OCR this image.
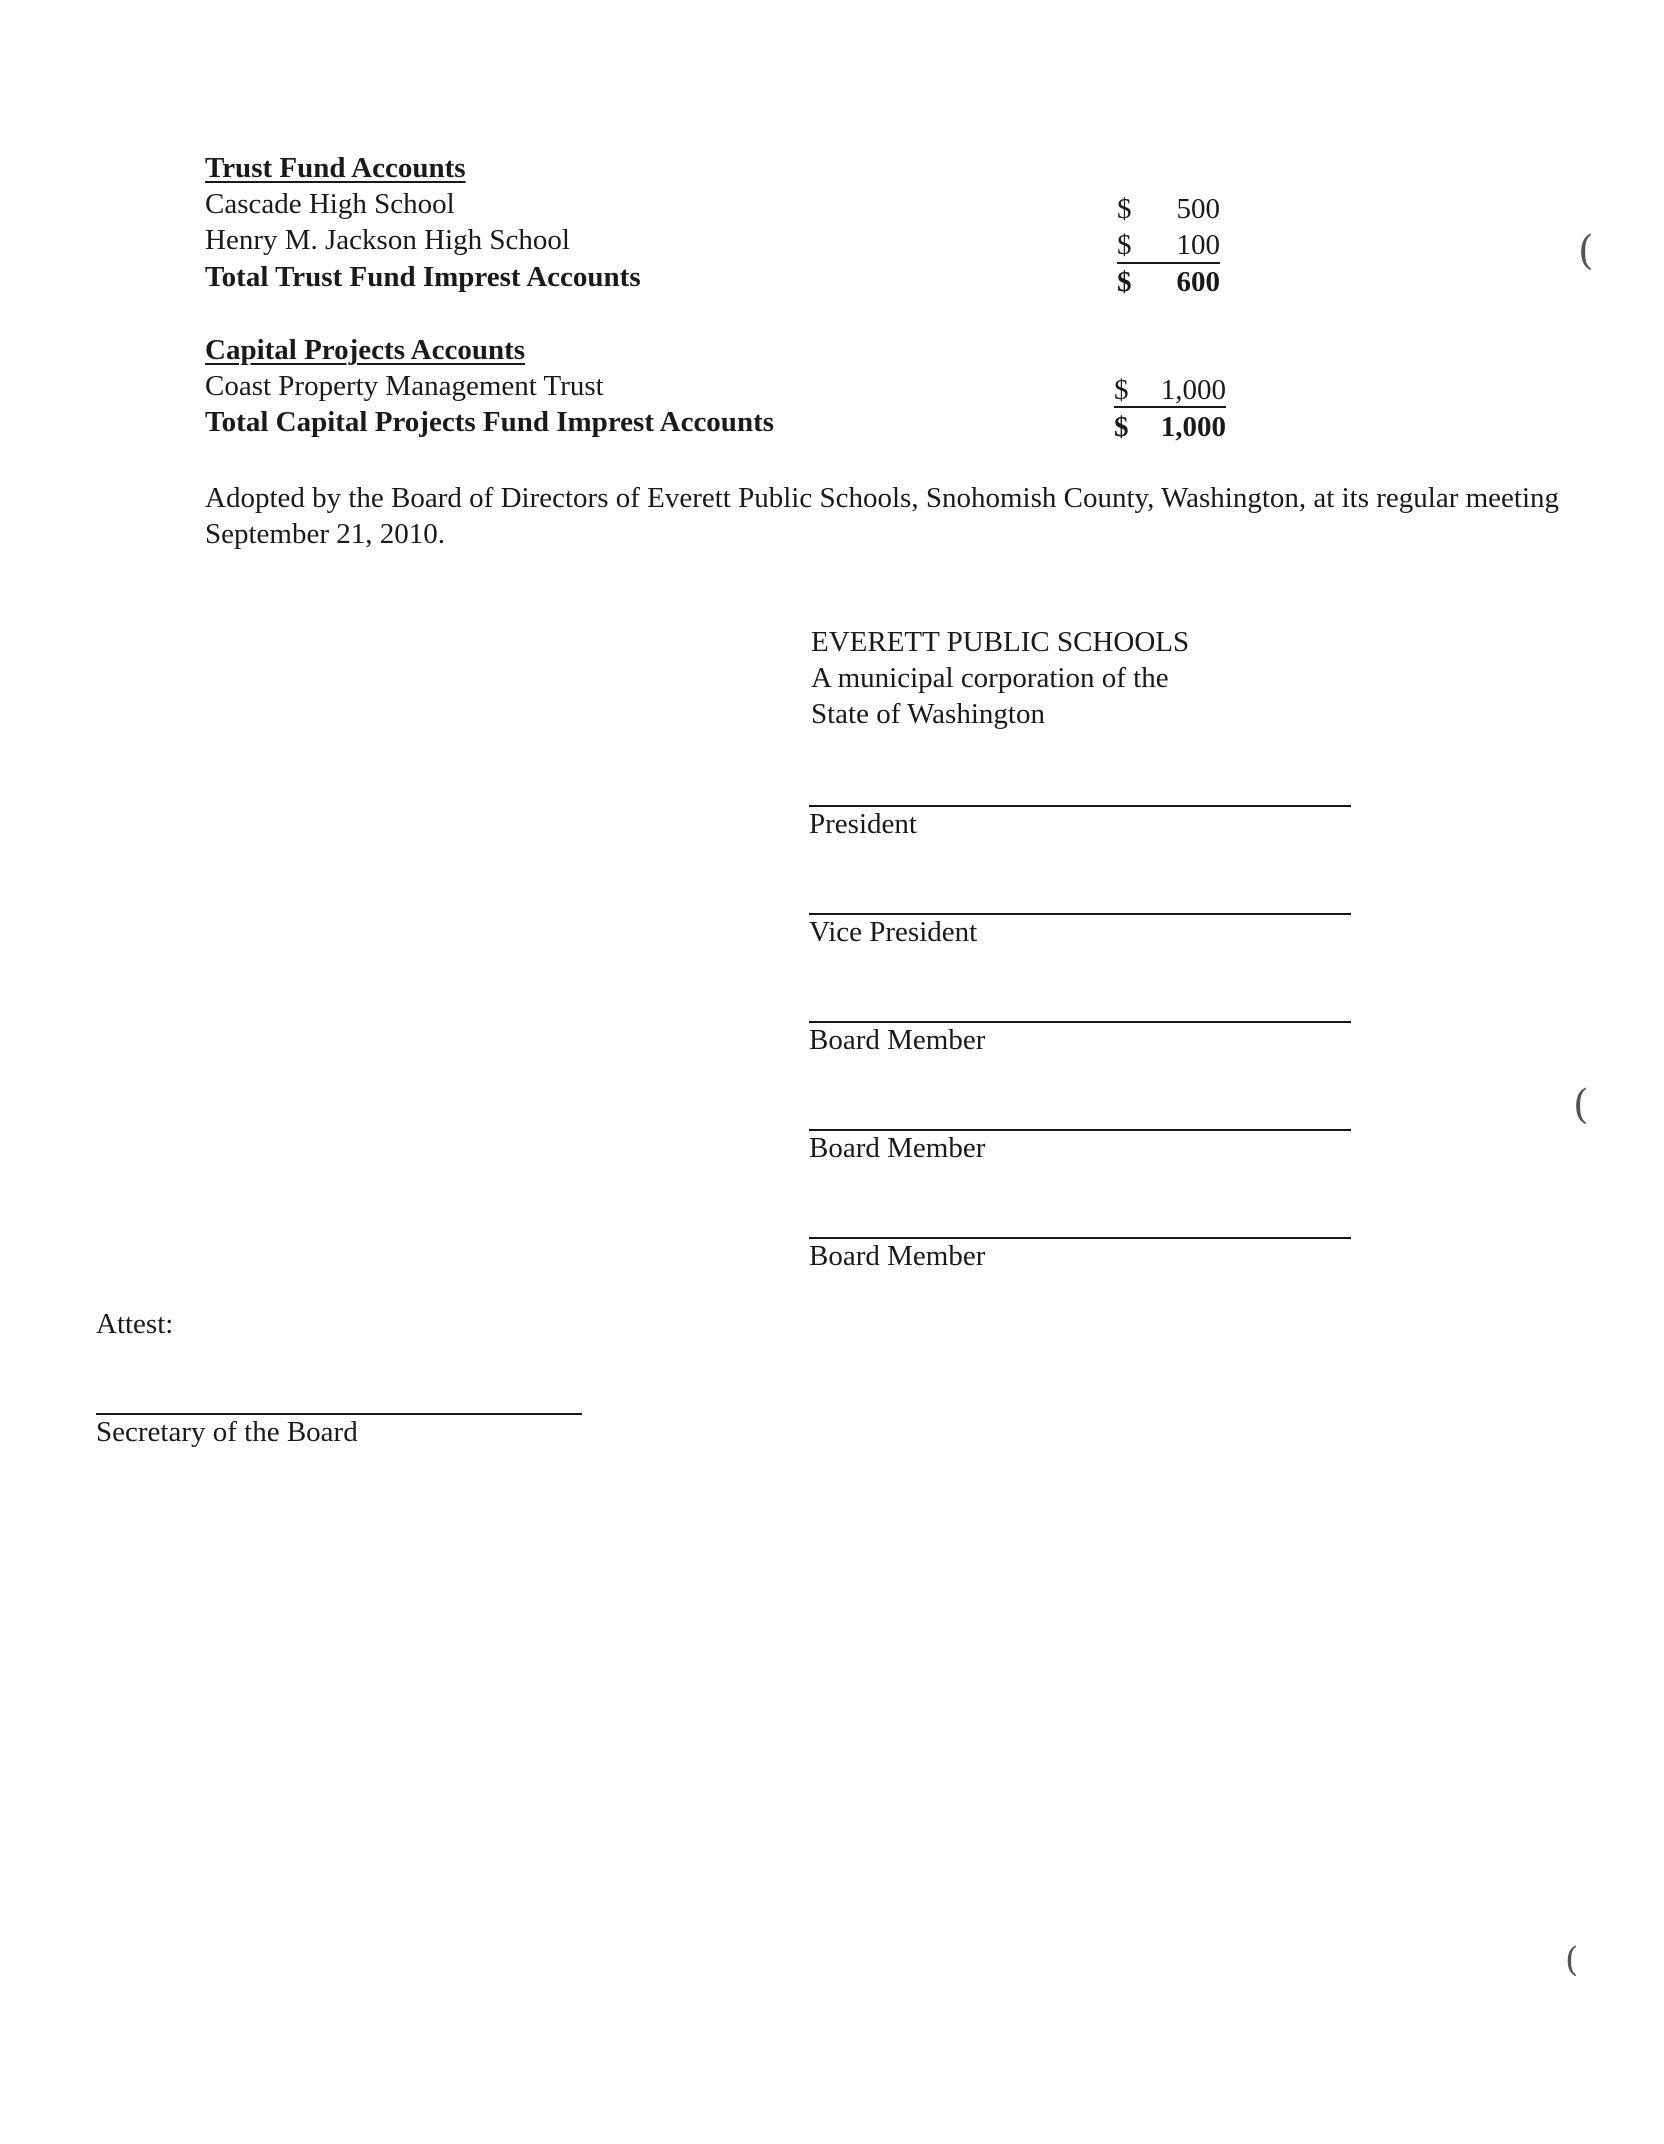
Trust Fund Accounts
Cascade High School	$	500
Henry M. Jackson High School	$	100
Total Trust Fund Imprest Accounts	$	600
Capital Projects Accounts
Coast Property Management Trust	$	1,000
Total Capital Projects Fund Imprest Accounts	$	1,000
Adopted by the Board of Directors of Everett Public Schools, Snohomish County, Washington, at its regular meeting September 21, 2010.
EVERETT PUBLIC SCHOOLS
A municipal corporation of the
State of Washington
President
Vice President
Board Member
Board Member
Board Member
Attest:
Secretary of the Board
(
(
(
